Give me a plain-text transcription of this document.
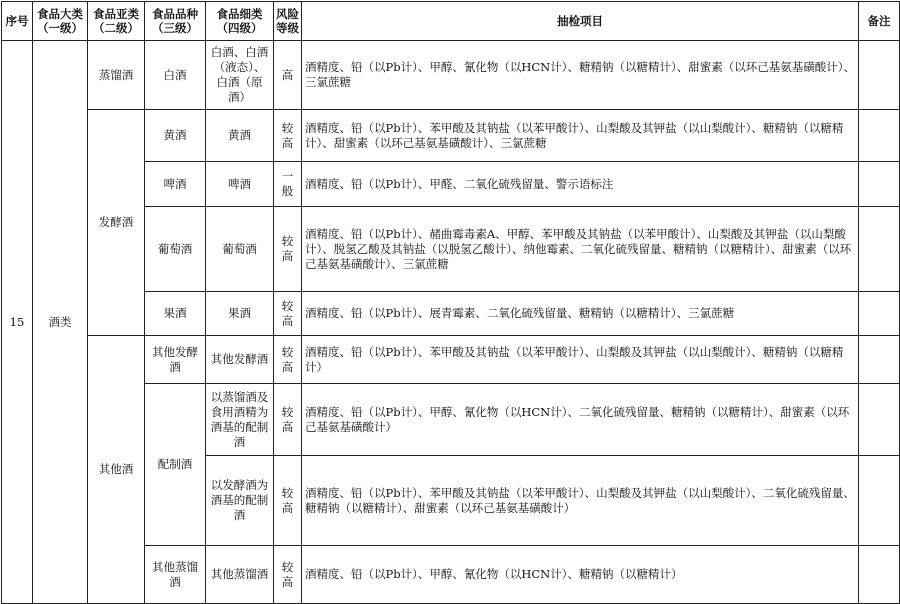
序号	食品大类（一级）	食品亚类（二级）	食品品种（三级）	食品细类（四级）	风险等级	抽检项目	备注
15	酒类	蒸馏酒	白酒	白酒、白酒（液态）、白酒（原酒）	高	酒精度、铅（以Pb计）、甲醇、氰化物（以HCN计）、糖精钠（以糖精计）、甜蜜素（以环己基氨基磺酸计）、三氯蔗糖	
		发酵酒	黄酒	黄酒	较高	酒精度、铅（以Pb计）、苯甲酸及其钠盐（以苯甲酸计）、山梨酸及其钾盐（以山梨酸计）、糖精钠（以糖精计）、甜蜜素（以环己基氨基磺酸计）、三氯蔗糖	
			啤酒	啤酒	一般	酒精度、铅（以Pb计）、甲醛、二氧化硫残留量、警示语标注	
			葡萄酒	葡萄酒	较高	酒精度、铅（以Pb计）、赭曲霉毒素A、甲醇、苯甲酸及其钠盐（以苯甲酸计）、山梨酸及其钾盐（以山梨酸计）、脱氢乙酸及其钠盐（以脱氢乙酸计）、纳他霉素、二氧化硫残留量、糖精钠（以糖精计）、甜蜜素（以环己基氨基磺酸计）、三氯蔗糖	
			果酒	果酒	较高	酒精度、铅（以Pb计）、展青霉素、二氧化硫残留量、糖精钠（以糖精计）、三氯蔗糖	
		其他酒	其他发酵酒	其他发酵酒	较高	酒精度、铅（以Pb计）、苯甲酸及其钠盐（以苯甲酸计）、山梨酸及其钾盐（以山梨酸计）、糖精钠（以糖精计）	
			配制酒	以蒸馏酒及食用酒精为酒基的配制酒	较高	酒精度、铅（以Pb计）、甲醇、氰化物（以HCN计）、二氧化硫残留量、糖精钠（以糖精计）、甜蜜素（以环己基氨基磺酸计）	
				以发酵酒为酒基的配制酒	较高	酒精度、铅（以Pb计）、苯甲酸及其钠盐（以苯甲酸计）、山梨酸及其钾盐（以山梨酸计）、二氧化硫残留量、糖精钠（以糖精计）、甜蜜素（以环己基氨基磺酸计）	
			其他蒸馏酒	其他蒸馏酒	较高	酒精度、铅（以Pb计）、甲醇、氰化物（以HCN计）、糖精钠（以糖精计）	
